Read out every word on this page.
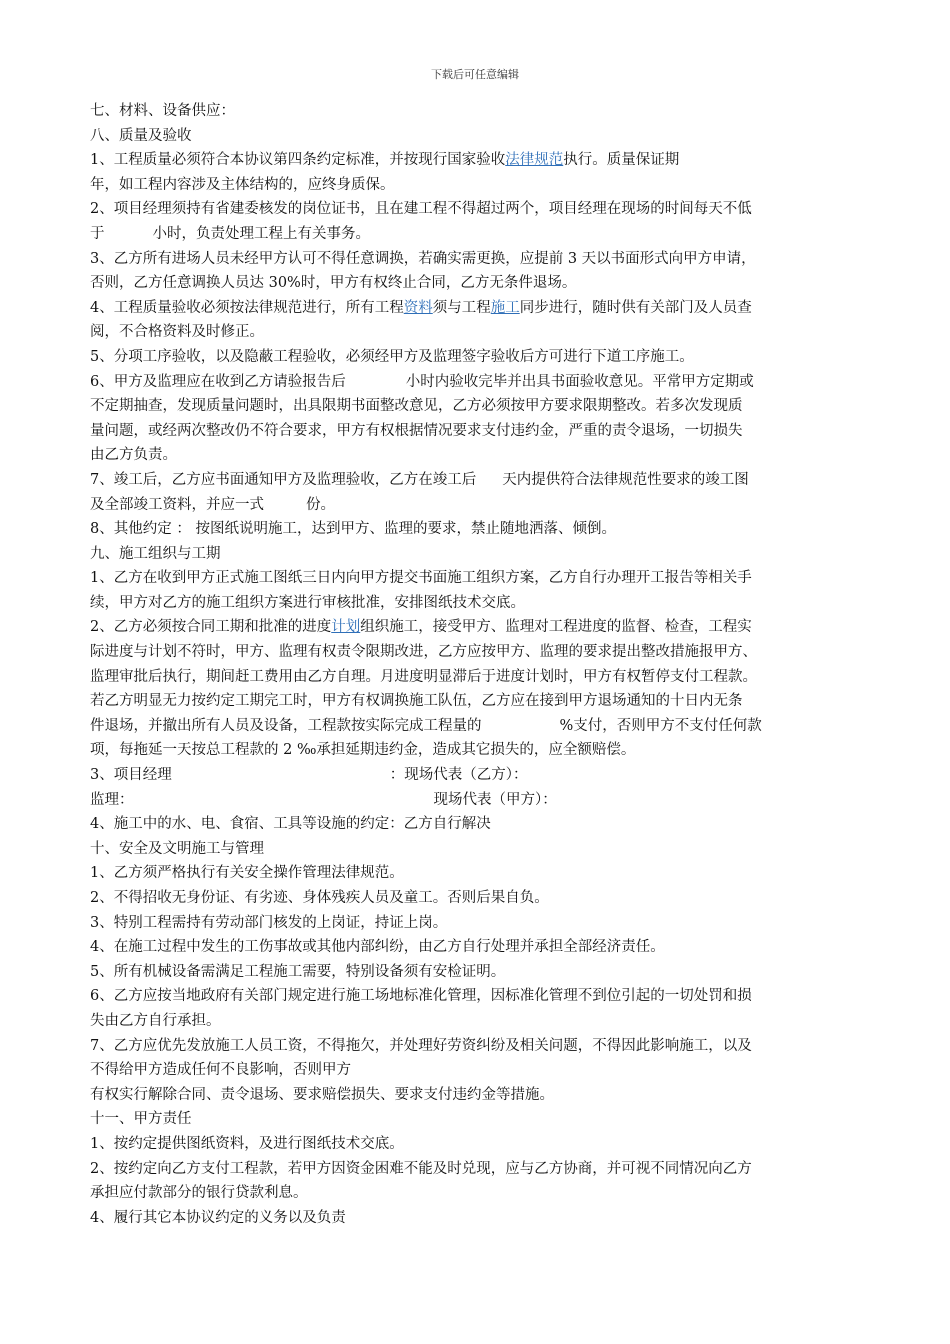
下载后可任意编辑
七、材料、设备供应：
八、质量及验收
1、工程质量必须符合本协议第四条约定标准，并按现行国家验收法律规范执行。质量保证期
年，如工程内容涉及主体结构的，应终身质保。
2、项目经理须持有省建委核发的岗位证书，且在建工程不得超过两个，项目经理在现场的时间每天不低
于	小时，负责处理工程上有关事务。
3、乙方所有进场人员未经甲方认可不得任意调换，若确实需更换，应提前 3 天以书面形式向甲方申请，
否则，乙方任意调换人员达 30%时，甲方有权终止合同，乙方无条件退场。
4、工程质量验收必须按法律规范进行，所有工程资料须与工程施工同步进行，随时供有关部门及人员查
阅，不合格资料及时修正。
5、分项工序验收，以及隐蔽工程验收，必须经甲方及监理签字验收后方可进行下道工序施工。
6、甲方及监理应在收到乙方请验报告后	小时内验收完毕并出具书面验收意见。平常甲方定期或
不定期抽查，发现质量问题时，出具限期书面整改意见，乙方必须按甲方要求限期整改。若多次发现质
量问题，或经两次整改仍不符合要求，甲方有权根据情况要求支付违约金，严重的责令退场，一切损失
由乙方负责。
7、竣工后，乙方应书面通知甲方及监理验收，乙方在竣工后 天内提供符合法律规范性要求的竣工图
及全部竣工资料，并应一式	份。
8、其他约定 ： 按图纸说明施工，达到甲方、监理的要求，禁止随地洒落、倾倒。
九、施工组织与工期
1、乙方在收到甲方正式施工图纸三日内向甲方提交书面施工组织方案，乙方自行办理开工报告等相关手
续，甲方对乙方的施工组织方案进行审核批准，安排图纸技术交底。
2、乙方必须按合同工期和批准的进度计划组织施工，接受甲方、监理对工程进度的监督、检查，工程实
际进度与计划不符时，甲方、监理有权责令限期改进，乙方应按甲方、监理的要求提出整改措施报甲方、
监理审批后执行，期间赶工费用由乙方自理。月进度明显滞后于进度计划时，甲方有权暂停支付工程款。
若乙方明显无力按约定工期完工时，甲方有权调换施工队伍，乙方应在接到甲方退场通知的十日内无条
件退场，并撤出所有人员及设备，工程款按实际完成工程量的	%支付，否则甲方不支付任何款
项，每拖延一天按总工程款的 2 ‰承担延期违约金，造成其它损失的，应全额赔偿。
3、项目经理	：现场代表（乙方）：
监理：	现场代表（甲方）：
4、施工中的水、电、食宿、工具等设施的约定：乙方自行解决
十、安全及文明施工与管理
1、乙方须严格执行有关安全操作管理法律规范。
2、不得招收无身份证、有劣迹、身体残疾人员及童工。否则后果自负。
3、特别工程需持有劳动部门核发的上岗证，持证上岗。
4、在施工过程中发生的工伤事故或其他内部纠纷，由乙方自行处理并承担全部经济责任。
5、所有机械设备需满足工程施工需要，特别设备须有安检证明。
6、乙方应按当地政府有关部门规定进行施工场地标准化管理，因标准化管理不到位引起的一切处罚和损
失由乙方自行承担。
7、乙方应优先发放施工人员工资，不得拖欠，并处理好劳资纠纷及相关问题，不得因此影响施工，以及
不得给甲方造成任何不良影响，否则甲方
有权实行解除合同、责令退场、要求赔偿损失、要求支付违约金等措施。
十一、甲方责任
1、按约定提供图纸资料，及进行图纸技术交底。
2、按约定向乙方支付工程款，若甲方因资金困难不能及时兑现，应与乙方协商，并可视不同情况向乙方
承担应付款部分的银行贷款利息。
4、履行其它本协议约定的义务以及负责
